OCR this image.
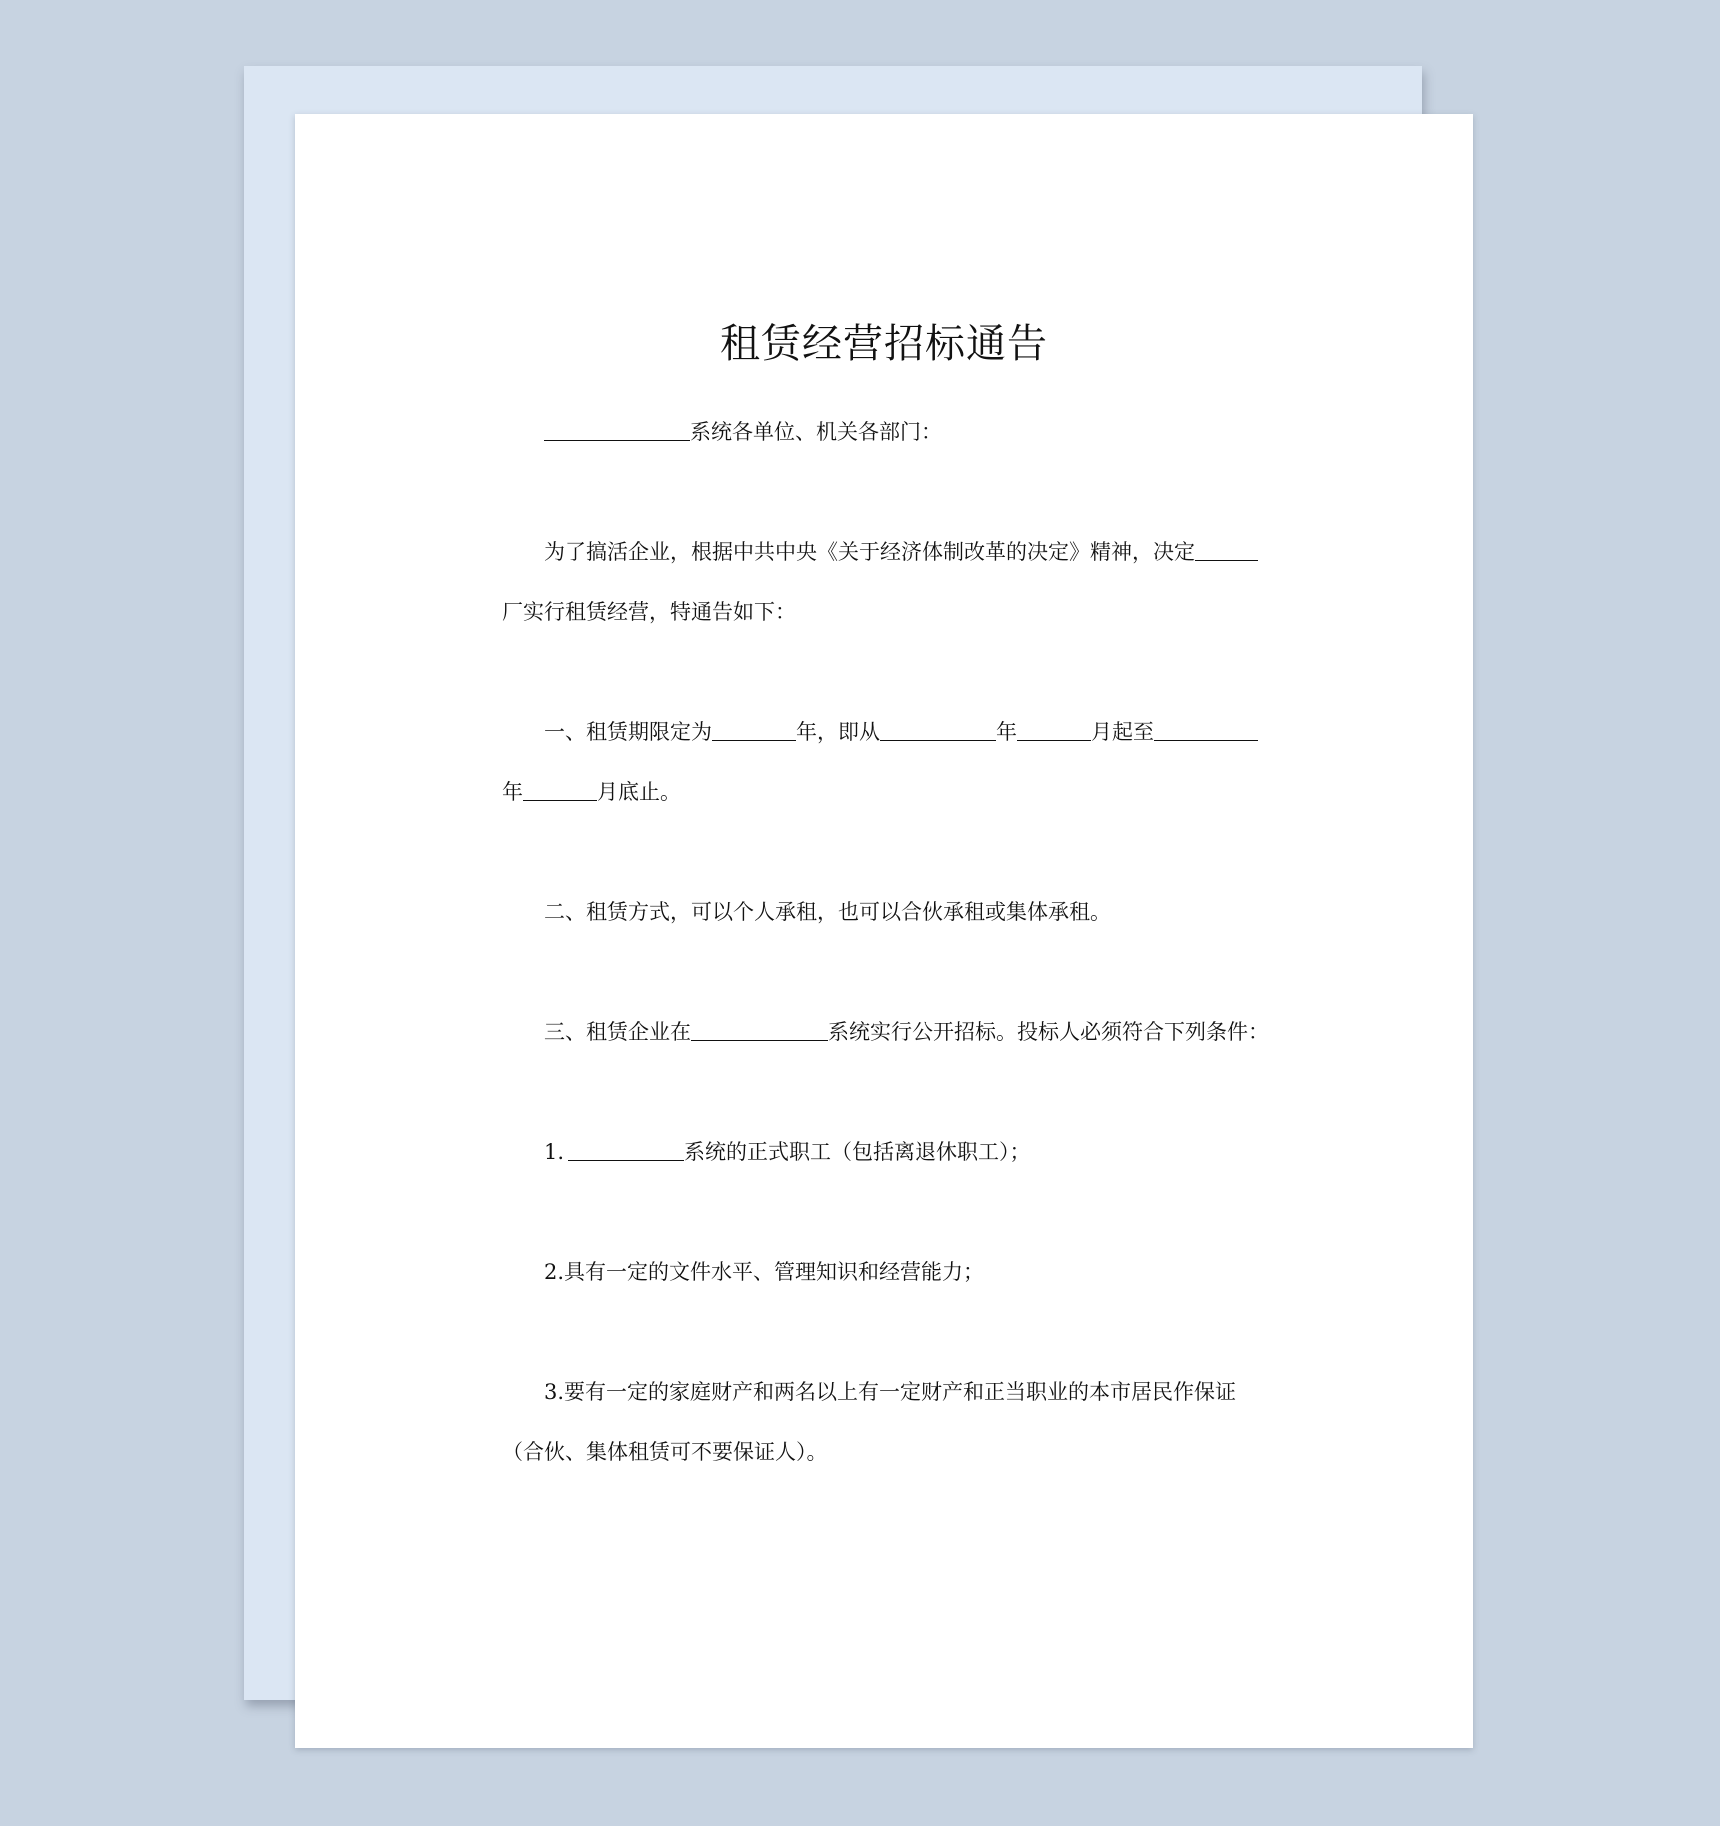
租赁经营招标通告
系统各单位、机关各部门：
为了搞活企业，根据中共中央《关于经济体制改革的决定》精神，决定
厂实行租赁经营，特通告如下：
一、租赁期限定为	年，即从	年	月起至
年	月底止。
二、租赁方式，可以个人承租，也可以合伙承租或集体承租。
三、租赁企业在	系统实行公开招标。投标人必须符合下列条件：
1.	系统的正式职工（包括离退休职工）；
2.具有一定的文件水平、管理知识和经营能力；
3.要有一定的家庭财产和两名以上有一定财产和正当职业的本市居民作保证
（合伙、集体租赁可不要保证人）。
